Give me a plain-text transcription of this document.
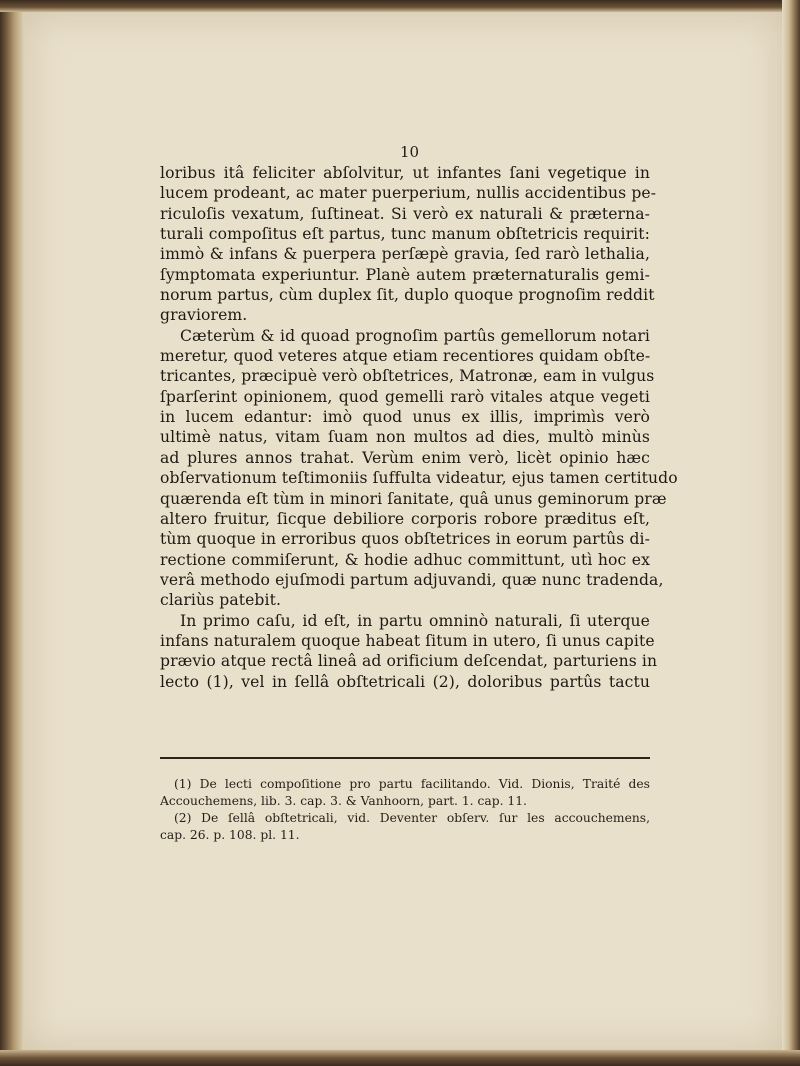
10
loribus itâ feliciter abſolvitur, ut infantes ſani vegetique in
lucem prodeant, ac mater puerperium, nullis accidentibus pe-
riculoſis vexatum, ſuſtineat. Si verò ex naturali & præterna-
turali compoſitus eſt partus, tunc manum obſtetricis requirit:
immò & infans & puerpera perſæpè gravia, ſed rarò lethalia,
ſymptomata experiuntur. Planè autem præternaturalis gemi-
norum partus, cùm duplex ſit, duplo quoque prognoſim reddit
graviorem.
Cæterùm & id quoad prognoſim partûs gemellorum notari
meretur, quod veteres atque etiam recentiores quidam obſte-
tricantes, præcipuè verò obſtetrices, Matronæ, eam in vulgus
ſparſerint opinionem, quod gemelli rarò vitales atque vegeti
in lucem edantur: imò quod unus ex illis, imprimìs verò
ultimè natus, vitam ſuam non multos ad dies, multò minùs
ad plures annos trahat. Verùm enim verò, licèt opinio hæc
obſervationum teſtimoniis ſuffulta videatur, ejus tamen certitudo
quærenda eſt tùm in minori ſanitate, quâ unus geminorum præ
altero fruitur, ſicque debiliore corporis robore præditus eſt,
tùm quoque in erroribus quos obſtetrices in eorum partûs di-
rectione commiſerunt, & hodie adhuc committunt, utì hoc ex
verâ methodo ejuſmodi partum adjuvandi, quæ nunc tradenda,
clariùs patebit.
In primo caſu, id eſt, in partu omninò naturali, ſi uterque
infans naturalem quoque habeat ſitum in utero, ſi unus capite
prævio atque rectâ lineâ ad orificium deſcendat, parturiens in
lecto (1), vel in ſellâ obſtetricali (2), doloribus partûs tactu
(1) De lecti compoſitione pro partu facilitando. Vid. Dionis, Traité des
Accouchemens, lib. 3. cap. 3. & Vanhoorn, part. 1. cap. 11.
(2) De ſellâ obſtetricali, vid. Deventer obſerv. ſur les accouchemens,
cap. 26. p. 108. pl. 11.
